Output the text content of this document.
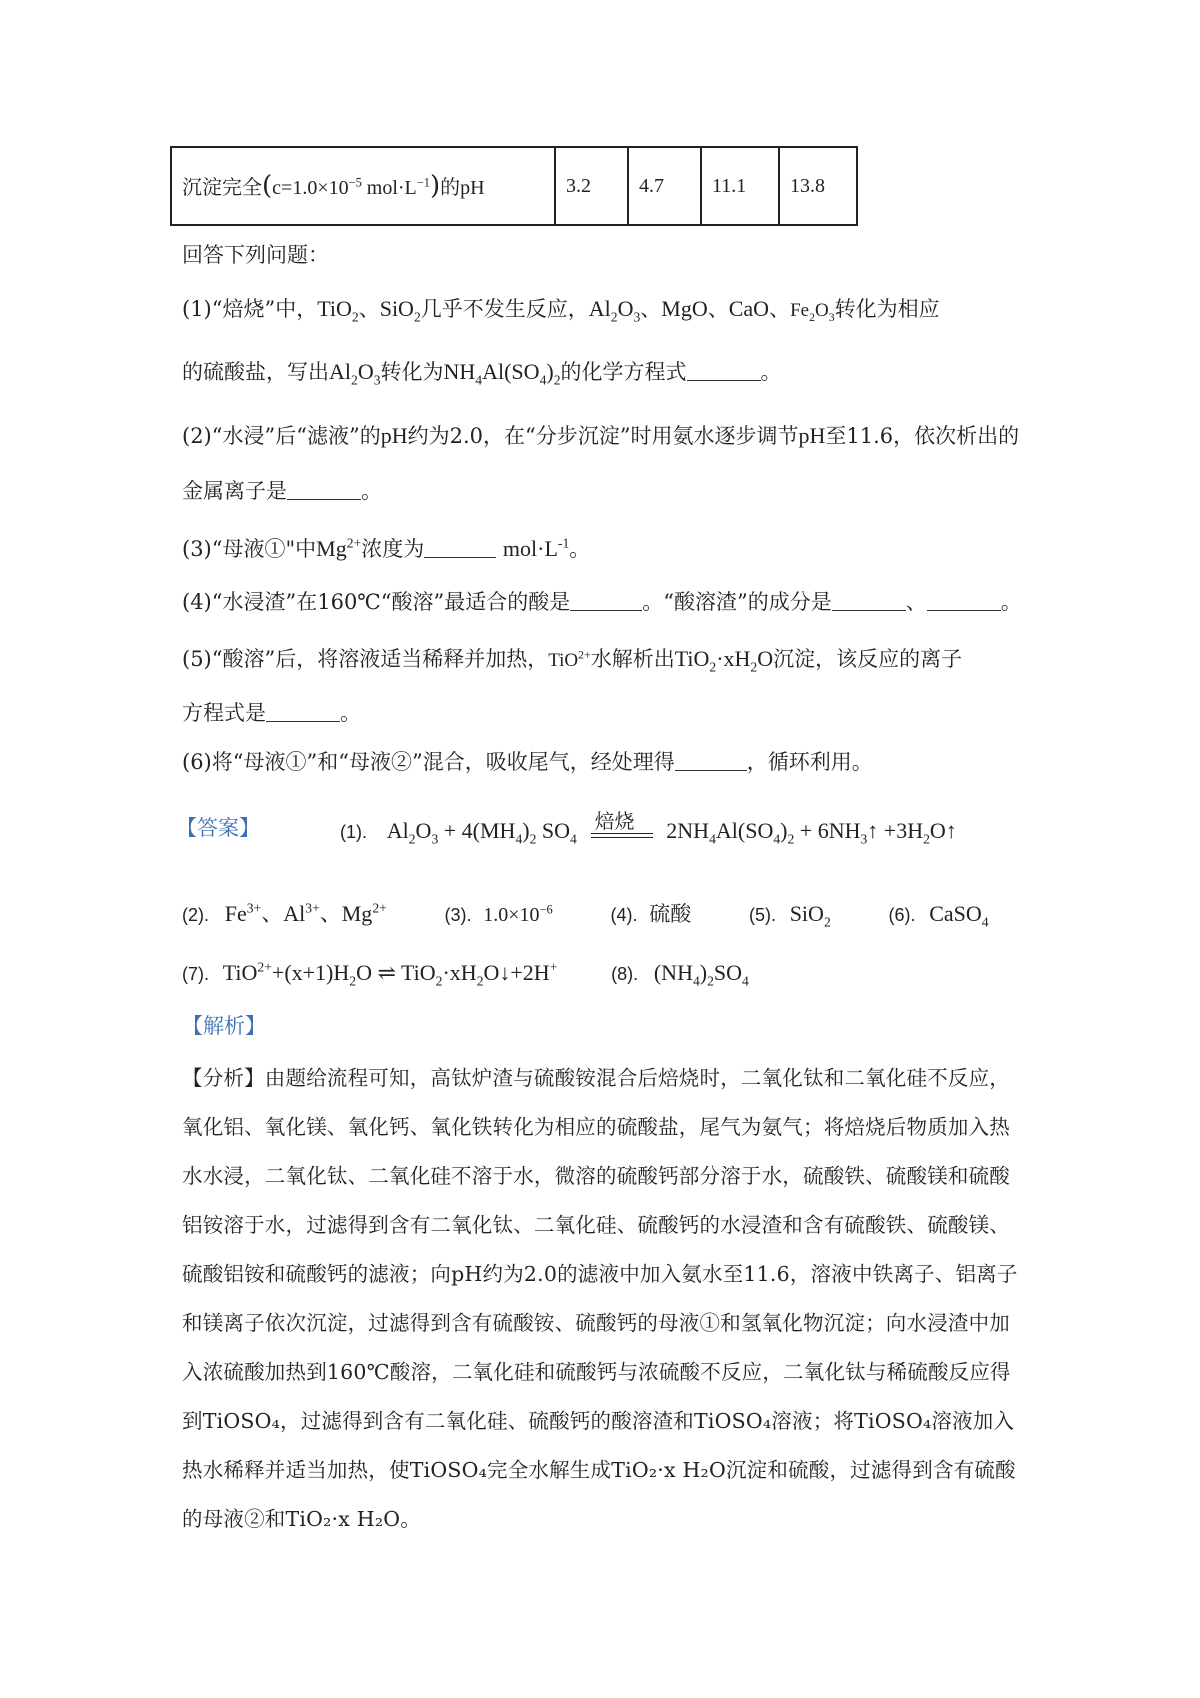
沉淀完全($c=1.0\times 10^{-5}$ $mol\cdot L^{-1}$)的pH	3.2	4.7	11.1	13.8
回答下列问题：
(1)“焙烧”中，TiO$_2$、SiO$_2$几乎不发生反应，$Al_2O_3$、MgO、CaO、$Fe_2O_3$转化为相应
的硫酸盐，写出$Al_2O_3$转化为$NH_4Al(SO_4)_2$的化学方程式	。
(2)“水浸”后“滤液”的pH约为2.0，在“分步沉淀”时用氨水逐步调节pH至11.6，依次析出的
金属离子是	。
(3)“母液①"中$Mg^{2+}$浓度为	$mol\cdot L^{-1}$。
(4)“水浸渣”在160℃“酸溶”最适合的酸是	。“酸溶渣”的成分是	、	。
(5)“酸溶”后，将溶液适当稀释并加热，TiO$^{2+}$水解析出$TiO_2\cdot xH_2O$沉淀，该反应的离子
方程式是	。
(6)将“母液①”和“母液②”混合，吸收尾气，经处理得	，循环利用。
【答案】	(1). $Al_2O_3 + 4(MH_4)_2$ $SO_4$
焙烧 $2NH_4Al(SO_4)_2$ + $6NH_3↑$ $+3H_2O↑$
(2). $Fe^{3+}$、$Al^{3+}$、$Mg^{2+}$	(3). $1.0\times 10^{-6}$	(4). 硫酸	(5). SiO$_2$	(6). CaSO$_4$
(7). $TiO^{2+}+(x+1)H_2O$ ⇌ $TiO_2\cdot xH_2O↓+2H^+$	(8). $(NH_4)_2SO_4$
【解析】
【分析】由题给流程可知，高钛炉渣与硫酸铵混合后焙烧时，二氧化钛和二氧化硅不反应，氧化铝、氧化镁、氧化钙、氧化铁转化为相应的硫酸盐，尾气为氨气；将焙烧后物质加入热水水浸，二氧化钛、二氧化硅不溶于水，微溶的硫酸钙部分溶于水，硫酸铁、硫酸镁和硫酸铝铵溶于水，过滤得到含有二氧化钛、二氧化硅、硫酸钙的水浸渣和含有硫酸铁、硫酸镁、硫酸铝铵和硫酸钙的滤液；向pH约为2.0的滤液中加入氨水至11.6，溶液中铁离子、铝离子和镁离子依次沉淀，过滤得到含有硫酸铵、硫酸钙的母液①和氢氧化物沉淀；向水浸渣中加入浓硫酸加热到160℃酸溶，二氧化硅和硫酸钙与浓硫酸不反应，二氧化钛与稀硫酸反应得到TiOSO₄，过滤得到含有二氧化硅、硫酸钙的酸溶渣和TiOSO₄溶液；将TiOSO₄溶液加入热水稀释并适当加热，使TiOSO₄完全水解生成TiO₂·x H₂O沉淀和硫酸，过滤得到含有硫酸的母液②和TiO₂·x H₂O。
